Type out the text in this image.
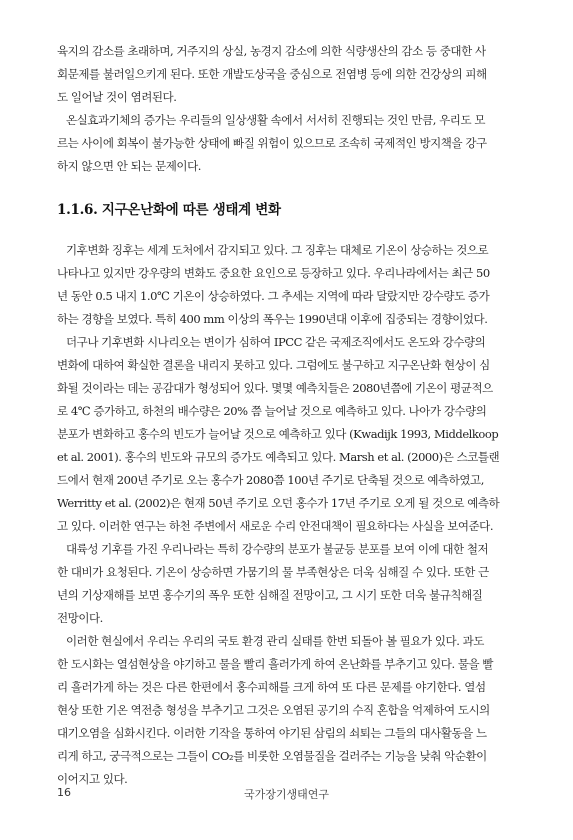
육지의 감소를 초래하며, 거주지의 상실, 농경지 감소에 의한 식량생산의 감소 등 중대한 사

회문제를 불러일으키게 된다. 또한 개발도상국을 중심으로 전염병 등에 의한 건강상의 피해

도 일어날 것이 염려된다.

온실효과기체의 증가는 우리들의 일상생활 속에서 서서히 진행되는 것인 만큼, 우리도 모

르는 사이에 회복이 불가능한 상태에 빠질 위험이 있으므로 조속히 국제적인 방지책을 강구

하지 않으면 안 되는 문제이다.

1.1.6. 지구온난화에 따른 생태계 변화

기후변화 징후는 세계 도처에서 감지되고 있다. 그 징후는 대체로 기온이 상승하는 것으로

나타나고 있지만 강우량의 변화도 중요한 요인으로 등장하고 있다. 우리나라에서는 최근 50

년 동안 0.5 내지 1.0℃ 기온이 상승하였다. 그 추세는 지역에 따라 달랐지만 강수량도 증가

하는 경향을 보였다. 특히 400 mm 이상의 폭우는 1990년대 이후에 집중되는 경향이었다.

더구나 기후변화 시나리오는 변이가 심하여 IPCC 같은 국제조직에서도 온도와 강수량의

변화에 대하여 확실한 결론을 내리지 못하고 있다. 그럼에도 불구하고 지구온난화 현상이 심

화될 것이라는 데는 공감대가 형성되어 있다. 몇몇 예측치들은 2080년쯤에 기온이 평균적으

로 4℃ 증가하고, 하천의 배수량은 20% 쯤 늘어날 것으로 예측하고 있다. 나아가 강수량의

분포가 변화하고 홍수의 빈도가 늘어날 것으로 예측하고 있다 (Kwadijk 1993, Middelkoop

et al. 2001). 홍수의 빈도와 규모의 증가도 예측되고 있다. Marsh et al. (2000)은 스코틀랜

드에서 현재 200년 주기로 오는 홍수가 2080쯤 100년 주기로 단축될 것으로 예측하였고,

Werritty et al. (2002)은 현재 50년 주기로 오던 홍수가 17년 주기로 오게 될 것으로 예측하

고 있다. 이러한 연구는 하천 주변에서 새로운 수리 안전대책이 필요하다는 사실을 보여준다.

대륙성 기후를 가진 우리나라는 특히 강수량의 분포가 불균등 분포를 보여 이에 대한 철저

한 대비가 요청된다. 기온이 상승하면 가뭄기의 물 부족현상은 더욱 심해질 수 있다. 또한 근

년의 기상재해를 보면 홍수기의 폭우 또한 심해질 전망이고, 그 시기 또한 더욱 불규칙해질

전망이다.

이러한 현실에서 우리는 우리의 국토 환경 관리 실태를 한번 되돌아 볼 필요가 있다. 과도

한 도시화는 열섬현상을 야기하고 물을 빨리 흘러가게 하여 온난화를 부추기고 있다. 물을 빨

리 흘러가게 하는 것은 다른 한편에서 홍수피해를 크게 하여 또 다른 문제를 야기한다. 열섬

현상 또한 기온 역전층 형성을 부추기고 그것은 오염된 공기의 수직 혼합을 억제하여 도시의

대기오염을 심화시킨다. 이러한 기작을 통하여 야기된 삼림의 쇠퇴는 그들의 대사활동을 느

리게 하고, 궁극적으로는 그들이 CO₂를 비롯한 오염물질을 걸러주는 기능을 낮춰 악순환이

이어지고 있다.

16	국가장기생태연구
